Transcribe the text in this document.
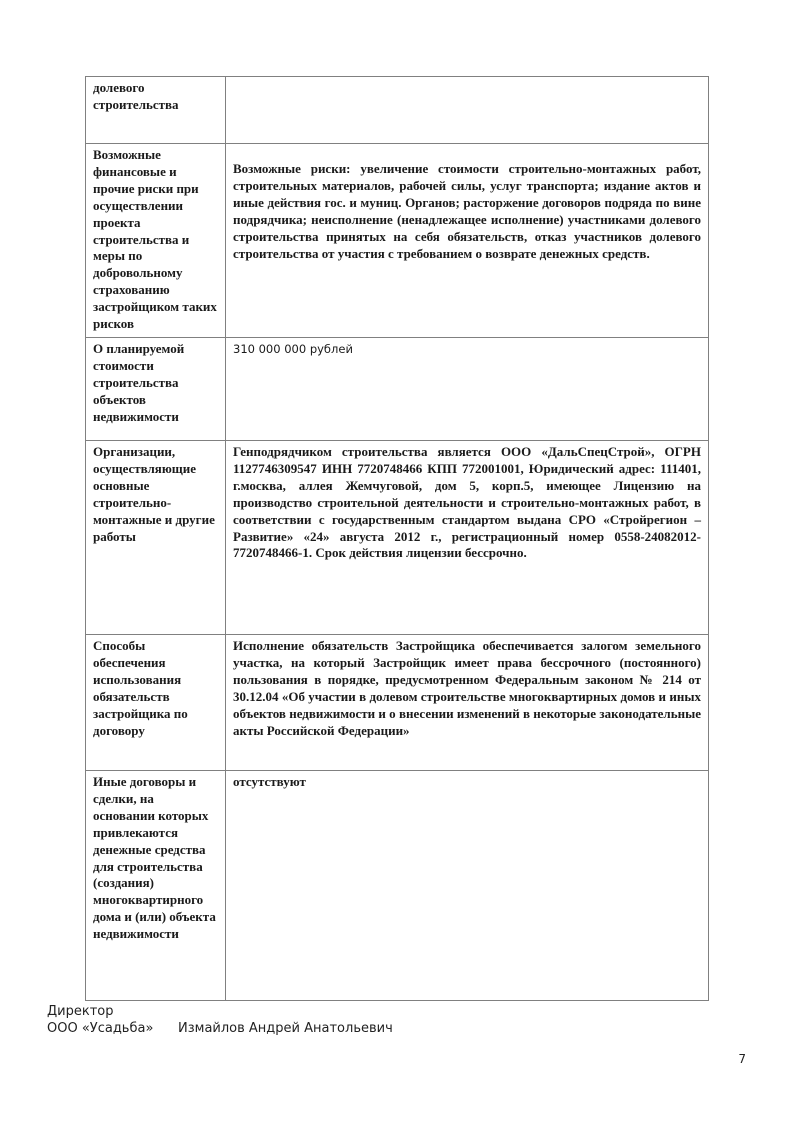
долевого строительства	
Возможные финансовые и прочие риски при осуществлении проекта строительства и меры по добровольному страхованию застройщиком таких рисков	Возможные риски: увеличение стоимости строительно-монтажных работ, строительных материалов, рабочей силы, услуг транспорта; издание актов и иные действия гос. и муниц. Органов; расторжение договоров подряда по вине подрядчика; неисполнение (ненадлежащее исполнение) участниками долевого строительства принятых на себя обязательств, отказ участников долевого строительства от участия с требованием о возврате денежных средств.
О планируемой стоимости строительства объектов недвижимости	310 000 000 рублей
Организации, осуществляющие основные строительно-монтажные и другие работы	Генподрядчиком строительства является ООО «ДальСпецСтрой», ОГРН 1127746309547 ИНН 7720748466 КПП 772001001, Юридический адрес: 111401, г.москва, аллея Жемчуговой, дом 5, корп.5, имеющее Лицензию на производство строительной деятельности и строительно-монтажных работ, в соответствии с государственным стандартом выдана СРО «Стройрегион – Развитие» «24» августа 2012 г., регистрационный номер 0558-24082012-7720748466-1. Срок действия лицензии бессрочно.
Способы обеспечения использования обязательств застройщика по договору	Исполнение обязательств Застройщика обеспечивается залогом земельного участка, на который Застройщик имеет права бессрочного (постоянного) пользования в порядке, предусмотренном Федеральным законом № 214 от 30.12.04 «Об участии в долевом строительстве многоквартирных домов и иных объектов недвижимости и о внесении изменений в некоторые законодательные акты Российской Федерации»
Иные договоры и сделки, на основании которых привлекаются денежные средства для строительства (создания) многоквартирного дома и (или) объекта недвижимости	отсутствуют
Директор
ООО «Усадьба» Измайлов Андрей Анатольевич
7
